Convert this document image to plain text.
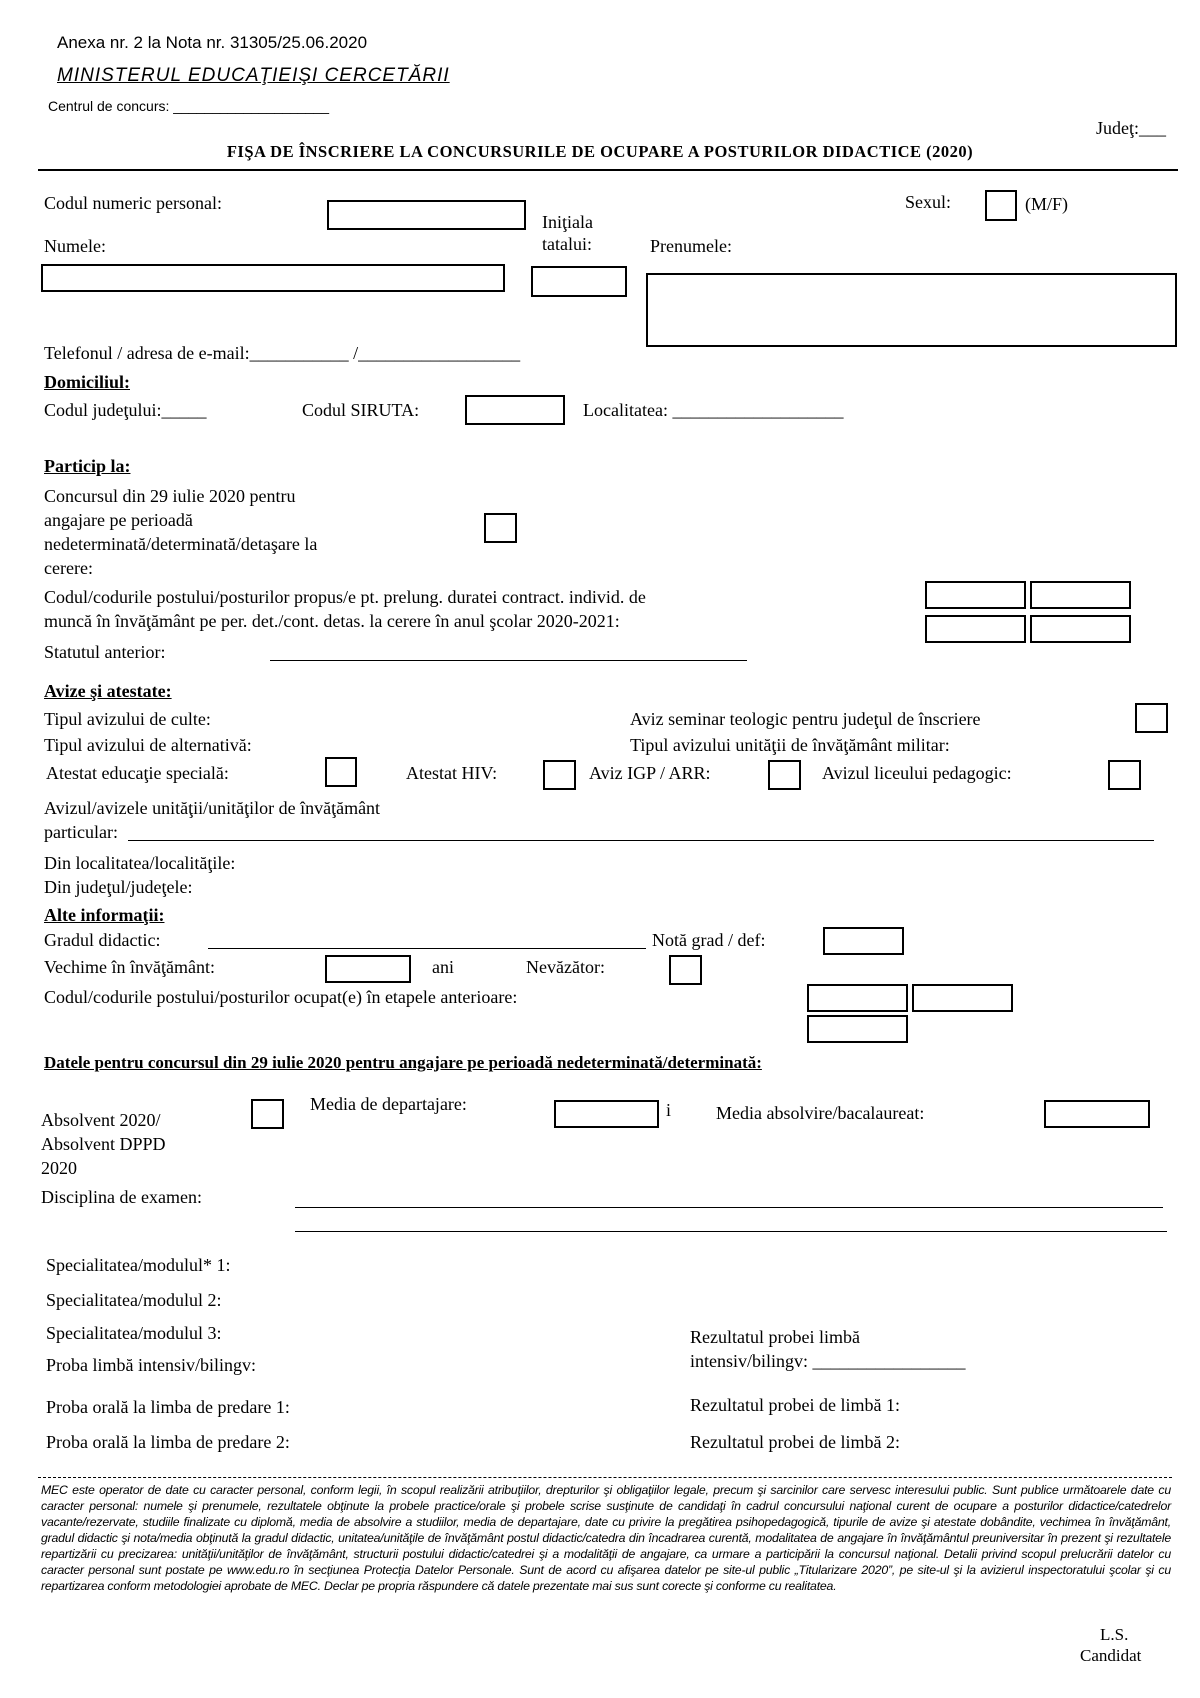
Anexa nr. 2 la Nota nr. 31305/25.06.2020
MINISTERUL EDUCAŢIEIŞI CERCETĂRII
Centrul de concurs: ____________________
Judeţ:___
FIŞA DE ÎNSCRIERE LA CONCURSURILE DE OCUPARE A POSTURILOR DIDACTICE (2020)
Codul numeric personal:
Iniţiala
tatalui:
Sexul:	(M/F)
Numele:	Prenumele:
Telefonul / adresa de e-mail:___________ /__________________
Domiciliul:
Codul judeţului:_____	Codul SIRUTA:	Localitatea: ___________________
Particip la:
Concursul din 29 iulie 2020 pentru
angajare pe perioadă
nedeterminată/determinată/detaşare la
cerere:
Codul/codurile postului/posturilor propus/e pt. prelung. duratei contract. individ. de
muncă în învăţământ pe per. det./cont. detas. la cerere în anul şcolar 2020-2021:
Statutul anterior:
Avize şi atestate:
Tipul avizului de culte:	Aviz seminar teologic pentru judeţul de înscriere
Tipul avizului de alternativă:	Tipul avizului unităţii de învăţământ militar:
Atestat educaţie specială:	Atestat HIV:	Aviz IGP / ARR:	Avizul liceului pedagogic:
Avizul/avizele unităţii/unităţilor de învăţământ
particular:
Din localitatea/localităţile:
Din judeţul/judeţele:
Alte informaţii:
Gradul didactic:	Notă grad / def:
Vechime în învăţământ:	ani	Nevăzător:
Codul/codurile postului/posturilor ocupat(e) în etapele anterioare:
Datele pentru concursul din 29 iulie 2020 pentru angajare pe perioadă nedeterminată/determinată:
Absolvent 2020/
Absolvent DPPD
2020
Media de departajare:	i Media absolvire/bacalaureat:
Disciplina de examen:
Specialitatea/modulul* 1:
Specialitatea/modulul 2:
Specialitatea/modulul 3:
Proba limbă intensiv/bilingv:
Rezultatul probei limbă
intensiv/bilingv: _________________
Proba orală la limba de predare 1:	Rezultatul probei de limbă 1:
Proba orală la limba de predare 2:	Rezultatul probei de limbă 2:
MEC este operator de date cu caracter personal, conform legii, în scopul realizării atribuţiilor, drepturilor şi obligaţiilor legale, precum şi sarcinilor care servesc interesului public. Sunt publice următoarele date cu caracter personal: numele şi prenumele, rezultatele obţinute la probele practice/orale şi probele scrise susţinute de candidaţi în cadrul concursului naţional curent de ocupare a posturilor didactice/catedrelor vacante/rezervate, studiile finalizate cu diplomă, media de absolvire a studiilor, media de departajare, date cu privire la pregătirea psihopedagogică, tipurile de avize şi atestate dobândite, vechimea în învăţământ, gradul didactic şi nota/media obţinută la gradul didactic, unitatea/unităţile de învăţământ postul didactic/catedra din încadrarea curentă, modalitatea de angajare în învăţământul preuniversitar în prezent şi rezultatele repartizării cu precizarea: unităţii/unităţilor de învăţământ, structurii postului didactic/catedrei şi a modalităţii de angajare, ca urmare a participării la concursul naţional. Detalii privind scopul prelucrării datelor cu caracter personal sunt postate pe www.edu.ro în secţiunea Protecţia Datelor Personale. Sunt de acord cu afişarea datelor pe site-ul public „Titularizare 2020”, pe site-ul şi la avizierul inspectoratului şcolar şi cu repartizarea conform metodologiei aprobate de MEC. Declar pe propria răspundere că datele prezentate mai sus sunt corecte şi conforme cu realitatea.
L.S.
Candidat
